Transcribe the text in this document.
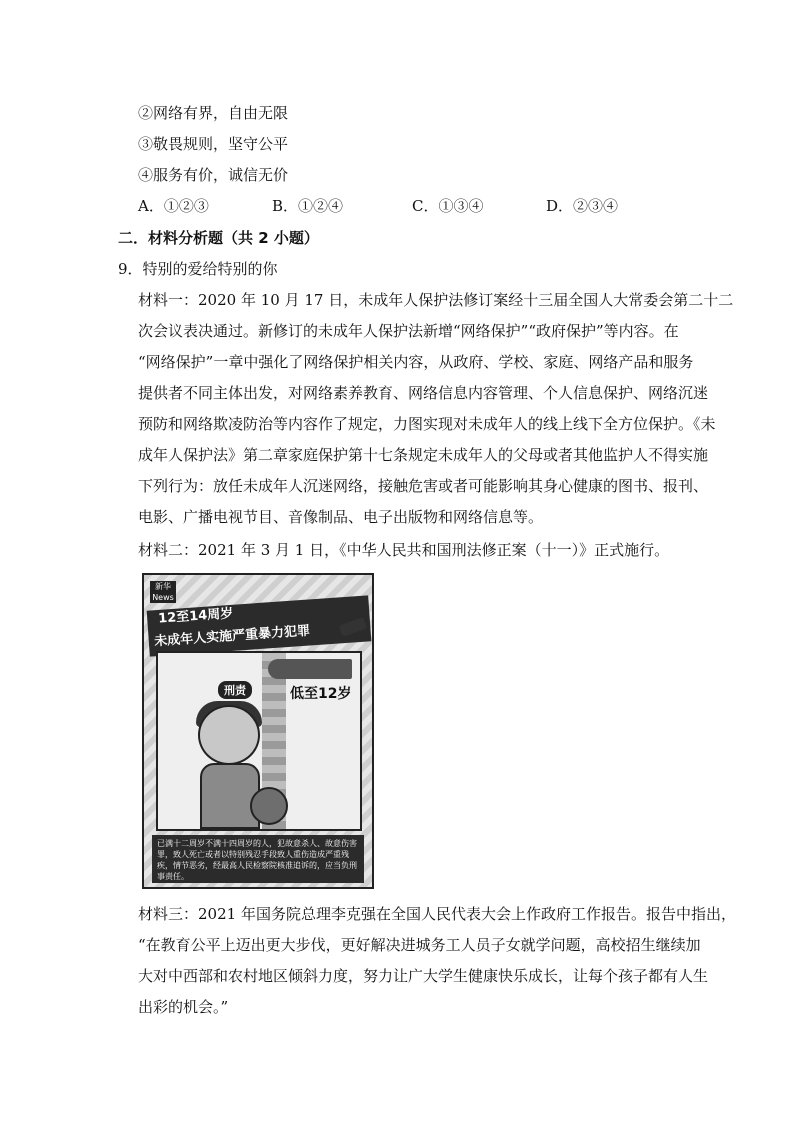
②网络有界，自由无限
③敬畏规则，坚守公平
④服务有价，诚信无价
A．①②③	B．①②④	C．①③④	D．②③④
二．材料分析题（共 2 小题）
9．特别的爱给特别的你
材料一：2020 年 10 月 17 日，未成年人保护法修订案经十三届全国人大常委会第二十二
次会议表决通过。新修订的未成年人保护法新增“网络保护”“政府保护”等内容。在
“网络保护”一章中强化了网络保护相关内容，从政府、学校、家庭、网络产品和服务
提供者不同主体出发，对网络素养教育、网络信息内容管理、个人信息保护、网络沉迷
预防和网络欺凌防治等内容作了规定，力图实现对未成年人的线上线下全方位保护。《未
成年人保护法》第二章家庭保护第十七条规定未成年人的父母或者其他监护人不得实施
下列行为：放任未成年人沉迷网络，接触危害或者可能影响其身心健康的图书、报刊、
电影、广播电视节目、音像制品、电子出版物和网络信息等。
材料二：2021 年 3 月 1 日，《中华人民共和国刑法修正案（十一）》正式施行。
新华 News
12至14周岁
未成年人实施严重暴力犯罪
刑责	低至12岁
已满十二周岁不满十四周岁的人，犯故意杀人、故意伤害罪，致人死亡或者以特别残忍手段致人重伤造成严重残疾，情节恶劣，经最高人民检察院核准追诉的，应当负刑事责任。
材料三：2021 年国务院总理李克强在全国人民代表大会上作政府工作报告。报告中指出，
“在教育公平上迈出更大步伐，更好解决进城务工人员子女就学问题，高校招生继续加
大对中西部和农村地区倾斜力度，努力让广大学生健康快乐成长，让每个孩子都有人生
出彩的机会。”
